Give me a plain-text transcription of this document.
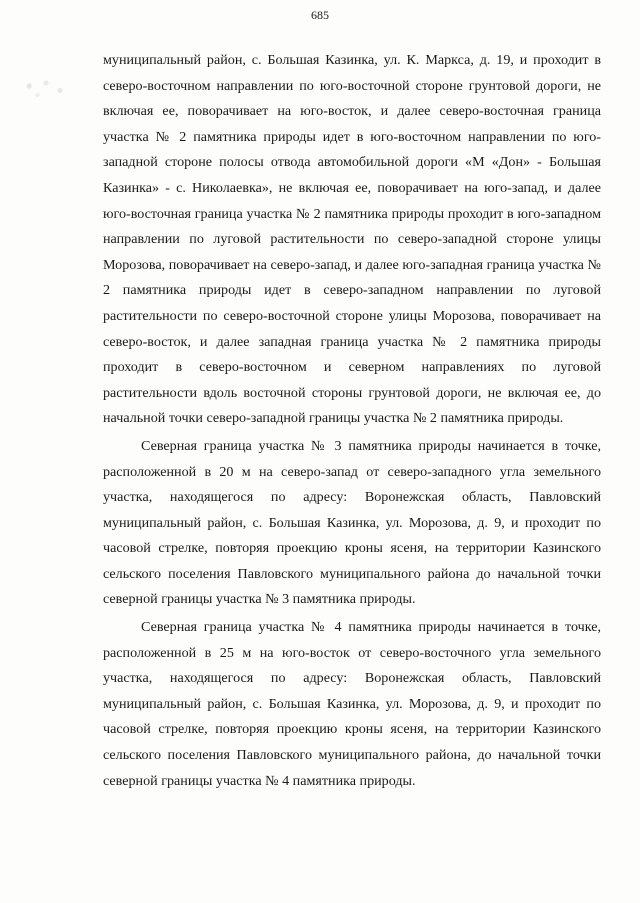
685

муниципальный район, с. Большая Казинка, ул. К. Маркса, д. 19, и проходит в северо-восточном направлении по юго-восточной стороне грунтовой дороги, не включая ее, поворачивает на юго-восток, и далее северо-восточная граница участка № 2 памятника природы идет в юго-восточном направлении по юго-западной стороне полосы отвода автомобильной дороги «М «Дон» - Большая Казинка» - с. Николаевка», не включая ее, поворачивает на юго-запад, и далее юго-восточная граница участка № 2 памятника природы проходит в юго-западном направлении по луговой растительности по северо-западной стороне улицы Морозова, поворачивает на северо-запад, и далее юго-западная граница участка № 2 памятника природы идет в северо-западном направлении по луговой растительности по северо-восточной стороне улицы Морозова, поворачивает на северо-восток, и далее западная граница участка № 2 памятника природы проходит в северо-восточном и северном направлениях по луговой растительности вдоль восточной стороны грунтовой дороги, не включая ее, до начальной точки северо-западной границы участка № 2 памятника природы.

Северная граница участка № 3 памятника природы начинается в точке, расположенной в 20 м на северо-запад от северо-западного угла земельного участка, находящегося по адресу: Воронежская область, Павловский муниципальный район, с. Большая Казинка, ул. Морозова, д. 9, и проходит по часовой стрелке, повторяя проекцию кроны ясеня, на территории Казинского сельского поселения Павловского муниципального района до начальной точки северной границы участка № 3 памятника природы.

Северная граница участка № 4 памятника природы начинается в точке, расположенной в 25 м на юго-восток от северо-восточного угла земельного участка, находящегося по адресу: Воронежская область, Павловский муниципальный район, с. Большая Казинка, ул. Морозова, д. 9, и проходит по часовой стрелке, повторяя проекцию кроны ясеня, на территории Казинского сельского поселения Павловского муниципального района, до начальной точки северной границы участка № 4 памятника природы.
